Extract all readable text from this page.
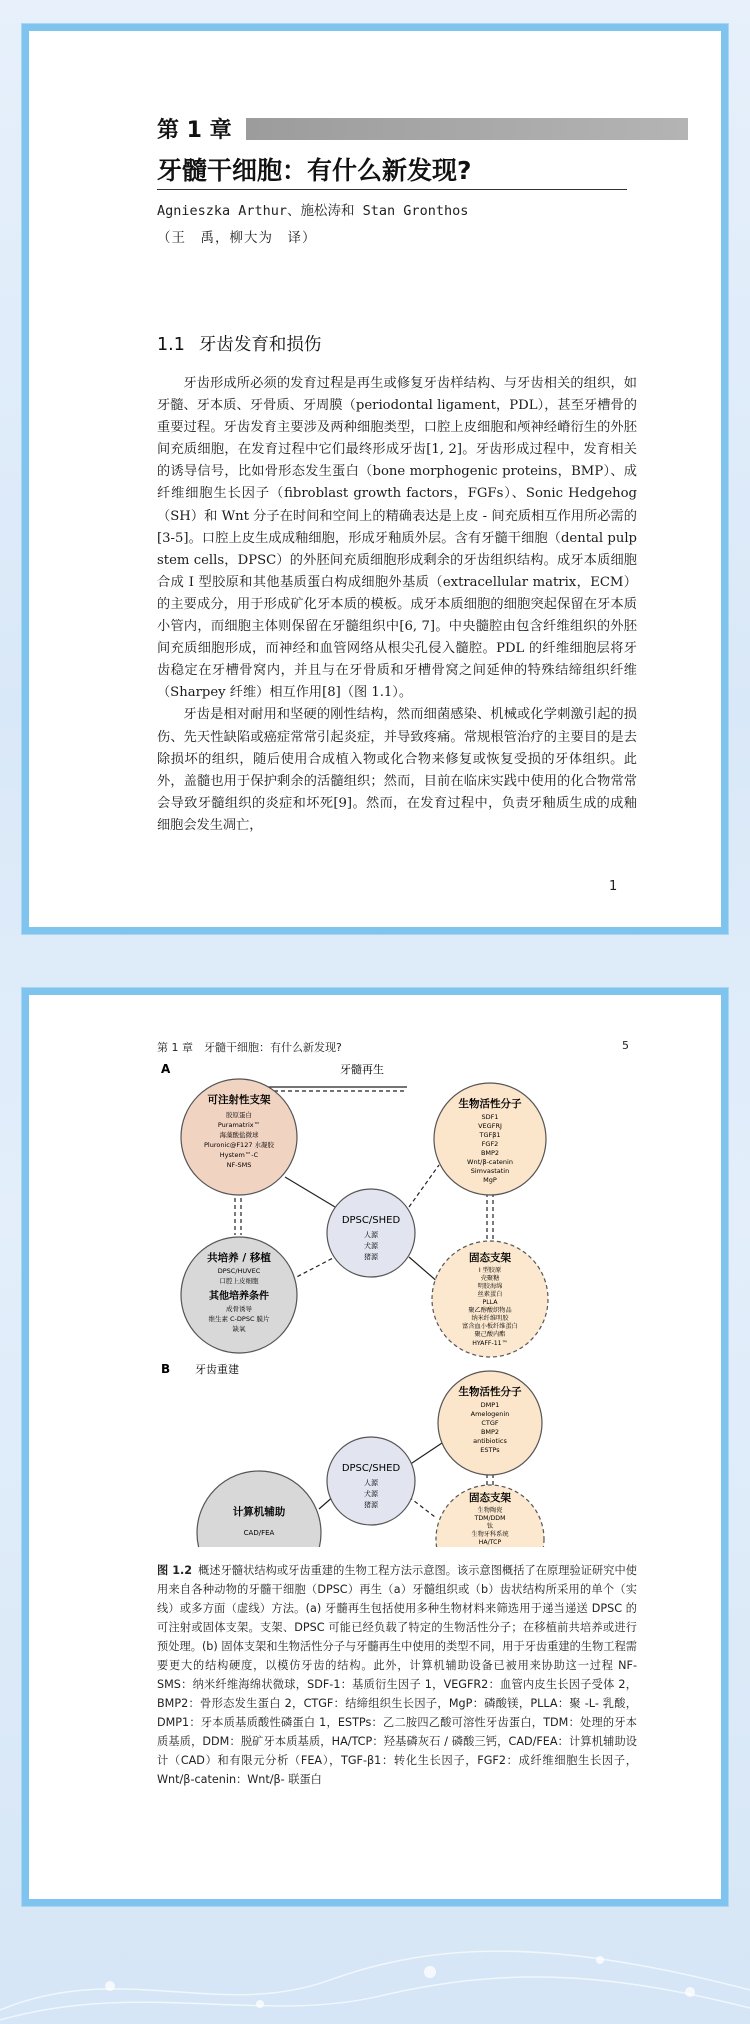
第 1 章
牙髓干细胞：有什么新发现?
Agnieszka Arthur、施松涛和 Stan Gronthos
（王　禹，柳大为　译）
1.1 牙齿发育和损伤

牙齿形成所必须的发育过程是再生或修复牙齿样结构、与牙齿相关的组织，如牙髓、牙本质、牙骨质、牙周膜（periodontal ligament，PDL），甚至牙槽骨的重要过程。牙齿发育主要涉及两种细胞类型，口腔上皮细胞和颅神经嵴衍生的外胚间充质细胞，在发育过程中它们最终形成牙齿[1, 2]。牙齿形成过程中，发育相关的诱导信号，比如骨形态发生蛋白（bone morphogenic proteins，BMP）、成纤维细胞生长因子（fibroblast growth factors，FGFs）、Sonic Hedgehog（SH）和 Wnt 分子在时间和空间上的精确表达是上皮 - 间充质相互作用所必需的[3-5]。口腔上皮生成成釉细胞，形成牙釉质外层。含有牙髓干细胞（dental pulp stem cells，DPSC）的外胚间充质细胞形成剩余的牙齿组织结构。成牙本质细胞合成 I 型胶原和其他基质蛋白构成细胞外基质（extracellular matrix，ECM）的主要成分，用于形成矿化牙本质的模板。成牙本质细胞的细胞突起保留在牙本质小管内，而细胞主体则保留在牙髓组织中[6, 7]。中央髓腔由包含纤维组织的外胚间充质细胞形成，而神经和血管网络从根尖孔侵入髓腔。PDL 的纤维细胞层将牙齿稳定在牙槽骨窝内，并且与在牙骨质和牙槽骨窝之间延伸的特殊结缔组织纤维（Sharpey 纤维）相互作用[8]（图 1.1）。

牙齿是相对耐用和坚硬的刚性结构，然而细菌感染、机械或化学刺激引起的损伤、先天性缺陷或癌症常常引起炎症，并导致疼痛。常规根管治疗的主要目的是去除损坏的组织，随后使用合成植入物或化合物来修复或恢复受损的牙体组织。此外，盖髓也用于保护剩余的活髓组织；然而，目前在临床实践中使用的化合物常常会导致牙髓组织的炎症和坏死[9]。然而，在发育过程中，负责牙釉质生成的成釉细胞会发生凋亡，

1
第 1 章　牙髓干细胞：有什么新发现?	5
A	牙髓再生
可注射性支架
胶原蛋白
Puramatrix™
海藻酸盐微球
Pluronic@F127 水凝胶
Hystem™-C
NF-SMS
生物活性分子
SDF1
VEGFRJ
TGFβ1
FGF2
BMP2
Wnt/β-catenin
Simvastatin
MgP
DPSC/SHED
人源
犬源
猪源
共培养 / 移植
DPSC/HUVEC
口腔上皮细胞
其他培养条件
成骨诱导
维生素 C-DPSC 膜片
缺氧
固态支架
I 型胶原
壳聚糖
明胶海绵
丝素蛋白
PLLA
聚乙醇酸织物品
纳米纤维明胶
富含血小板纤维蛋白
聚己酸内酯
HYAFF-11™
B 牙齿重建
生物活性分子
DMP1
Amelogenin
CTGF
BMP2
antibiotics
ESTPs
DPSC/SHED
人源
犬源
猪源
计算机辅助
CAD/FEA
固态支架
生物陶瓷
TDM/DDM
钛
生物牙科系统
HA/TCP
图 1.2 概述牙髓状结构或牙齿重建的生物工程方法示意图。该示意图概括了在原理验证研究中使用来自各种动物的牙髓干细胞（DPSC）再生（a）牙髓组织或（b）齿状结构所采用的单个（实线）或多方面（虚线）方法。(a) 牙髓再生包括使用多种生物材料来筛选用于递当递送 DPSC 的可注射或固体支架。支架、DPSC 可能已经负载了特定的生物活性分子；在移植前共培养或进行预处理。(b) 固体支架和生物活性分子与牙髓再生中使用的类型不同，用于牙齿重建的生物工程需要更大的结构硬度，以模仿牙齿的结构。此外，计算机辅助设备已被用来协助这一过程 NF-SMS：纳米纤维海绵状微球，SDF-1：基质衍生因子 1，VEGFR2：血管内皮生长因子受体 2，BMP2：骨形态发生蛋白 2，CTGF：结缔组织生长因子，MgP：磷酸镁，PLLA：聚 -L- 乳酸，DMP1：牙本质基质酸性磷蛋白 1，ESTPs：乙二胺四乙酸可溶性牙齿蛋白，TDM：处理的牙本质基质，DDM：脱矿牙本质基质，HA/TCP：羟基磷灰石 / 磷酸三钙，CAD/FEA：计算机辅助设计（CAD）和有限元分析（FEA），TGF-β1：转化生长因子，FGF2：成纤维细胞生长因子，Wnt/β-catenin：Wnt/β- 联蛋白
